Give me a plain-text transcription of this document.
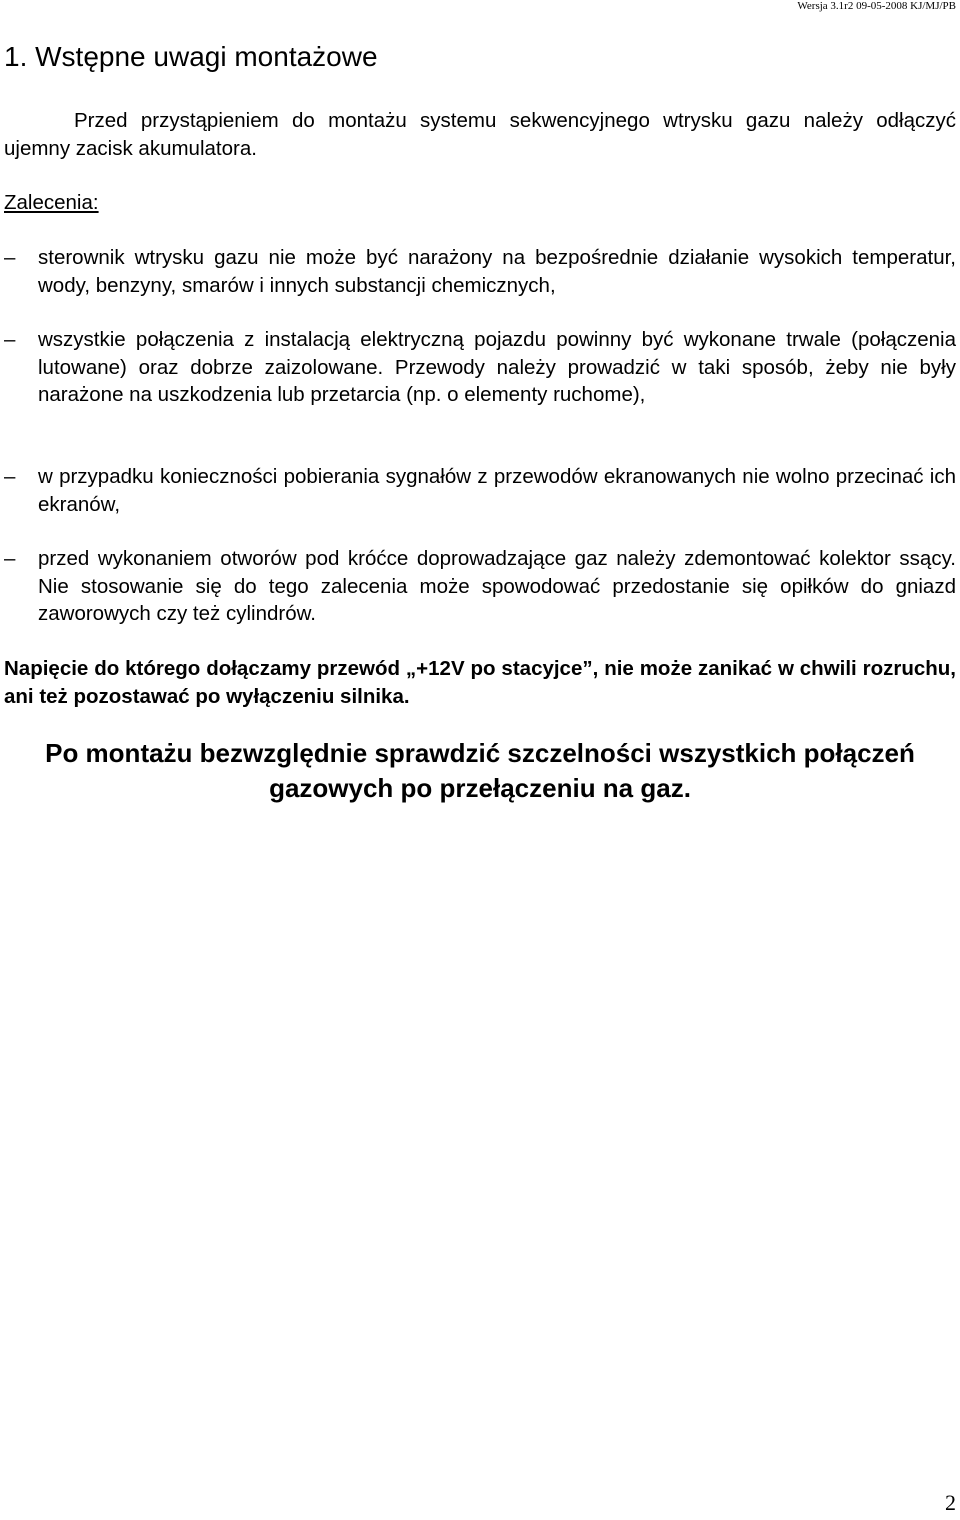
Wersja 3.1r2 09-05-2008 KJ/MJ/PB
1. Wstępne uwagi montażowe

Przed przystąpieniem do montażu systemu sekwencyjnego wtrysku gazu należy odłączyć ujemny zacisk akumulatora.

Zalecenia:

– sterownik wtrysku gazu nie może być narażony na bezpośrednie działanie wysokich temperatur, wody, benzyny, smarów i innych substancji chemicznych,
– wszystkie połączenia z instalacją elektryczną pojazdu powinny być wykonane trwale (połączenia lutowane) oraz dobrze zaizolowane. Przewody należy prowadzić w taki sposób, żeby nie były narażone na uszkodzenia lub przetarcia (np. o elementy ruchome),
– w przypadku konieczności pobierania sygnałów z przewodów ekranowanych nie wolno przecinać ich ekranów,
– przed wykonaniem otworów pod króćce doprowadzające gaz należy zdemontować kolektor ssący. Nie stosowanie się do tego zalecenia może spowodować przedostanie się opiłków do gniazd zaworowych czy też cylindrów.

Napięcie do którego dołączamy przewód „+12V po stacyjce”, nie może zanikać w chwili rozruchu, ani też pozostawać po wyłączeniu silnika.

Po montażu bezwzględnie sprawdzić szczelności wszystkich połączeń
gazowych po przełączeniu na gaz.

2
